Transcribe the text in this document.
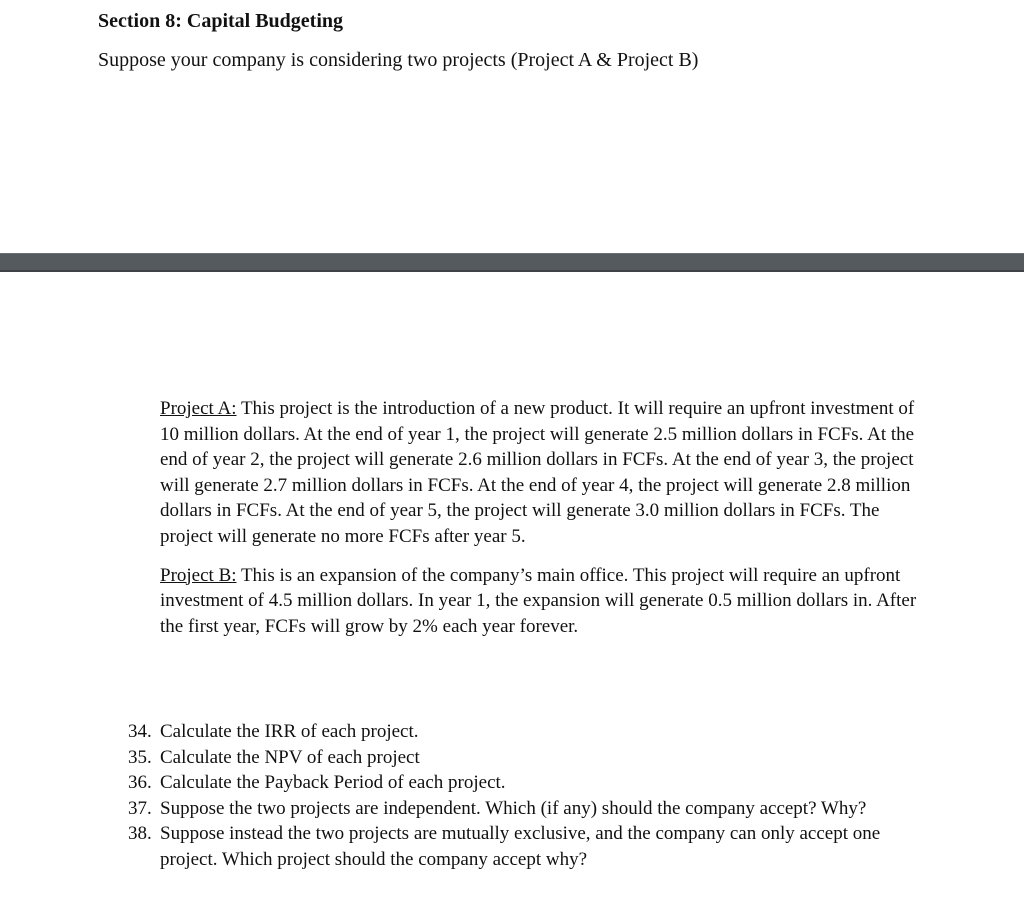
Section 8: Capital Budgeting
Suppose your company is considering two projects (Project A & Project B)

Project A: This project is the introduction of a new product. It will require an upfront investment of 10 million dollars. At the end of year 1, the project will generate 2.5 million dollars in FCFs. At the end of year 2, the project will generate 2.6 million dollars in FCFs. At the end of year 3, the project will generate 2.7 million dollars in FCFs. At the end of year 4, the project will generate 2.8 million dollars in FCFs. At the end of year 5, the project will generate 3.0 million dollars in FCFs. The project will generate no more FCFs after year 5.

Project B: This is an expansion of the company’s main office. This project will require an upfront investment of 4.5 million dollars. In year 1, the expansion will generate 0.5 million dollars in. After the first year, FCFs will grow by 2% each year forever.

34. Calculate the IRR of each project.
35. Calculate the NPV of each project
36. Calculate the Payback Period of each project.
37. Suppose the two projects are independent. Which (if any) should the company accept? Why?
38. Suppose instead the two projects are mutually exclusive, and the company can only accept one project. Which project should the company accept why?
